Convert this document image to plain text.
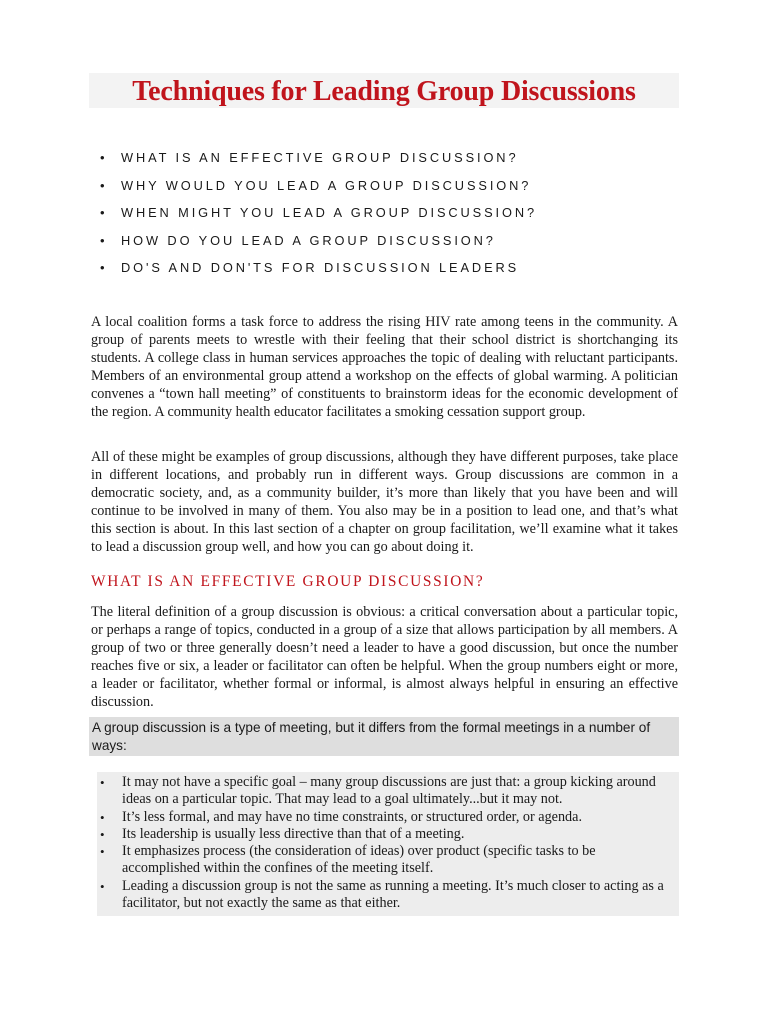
Techniques for Leading Group Discussions
• WHAT IS AN EFFECTIVE GROUP DISCUSSION?
• WHY WOULD YOU LEAD A GROUP DISCUSSION?
• WHEN MIGHT YOU LEAD A GROUP DISCUSSION?
• HOW DO YOU LEAD A GROUP DISCUSSION?
• DO'S AND DON'TS FOR DISCUSSION LEADERS

A local coalition forms a task force to address the rising HIV rate among teens in the community. A group of parents meets to wrestle with their feeling that their school district is shortchanging its students. A college class in human services approaches the topic of dealing with reluctant participants. Members of an environmental group attend a workshop on the effects of global warming. A politician convenes a “town hall meeting” of constituents to brainstorm ideas for the economic development of the region. A community health educator facilitates a smoking cessation support group.

All of these might be examples of group discussions, although they have different purposes, take place in different locations, and probably run in different ways. Group discussions are common in a democratic society, and, as a community builder, it’s more than likely that you have been and will continue to be involved in many of them. You also may be in a position to lead one, and that’s what this section is about. In this last section of a chapter on group facilitation, we’ll examine what it takes to lead a discussion group well, and how you can go about doing it.

WHAT IS AN EFFECTIVE GROUP DISCUSSION?

The literal definition of a group discussion is obvious: a critical conversation about a particular topic, or perhaps a range of topics, conducted in a group of a size that allows participation by all members. A group of two or three generally doesn’t need a leader to have a good discussion, but once the number reaches five or six, a leader or facilitator can often be helpful. When the group numbers eight or more, a leader or facilitator, whether formal or informal, is almost always helpful in ensuring an effective discussion.

A group discussion is a type of meeting, but it differs from the formal meetings in a number of ways:

• It may not have a specific goal – many group discussions are just that: a group kicking around ideas on a particular topic. That may lead to a goal ultimately...but it may not.
• It’s less formal, and may have no time constraints, or structured order, or agenda.
• Its leadership is usually less directive than that of a meeting.
• It emphasizes process (the consideration of ideas) over product (specific tasks to be accomplished within the confines of the meeting itself.
• Leading a discussion group is not the same as running a meeting. It’s much closer to acting as a facilitator, but not exactly the same as that either.
